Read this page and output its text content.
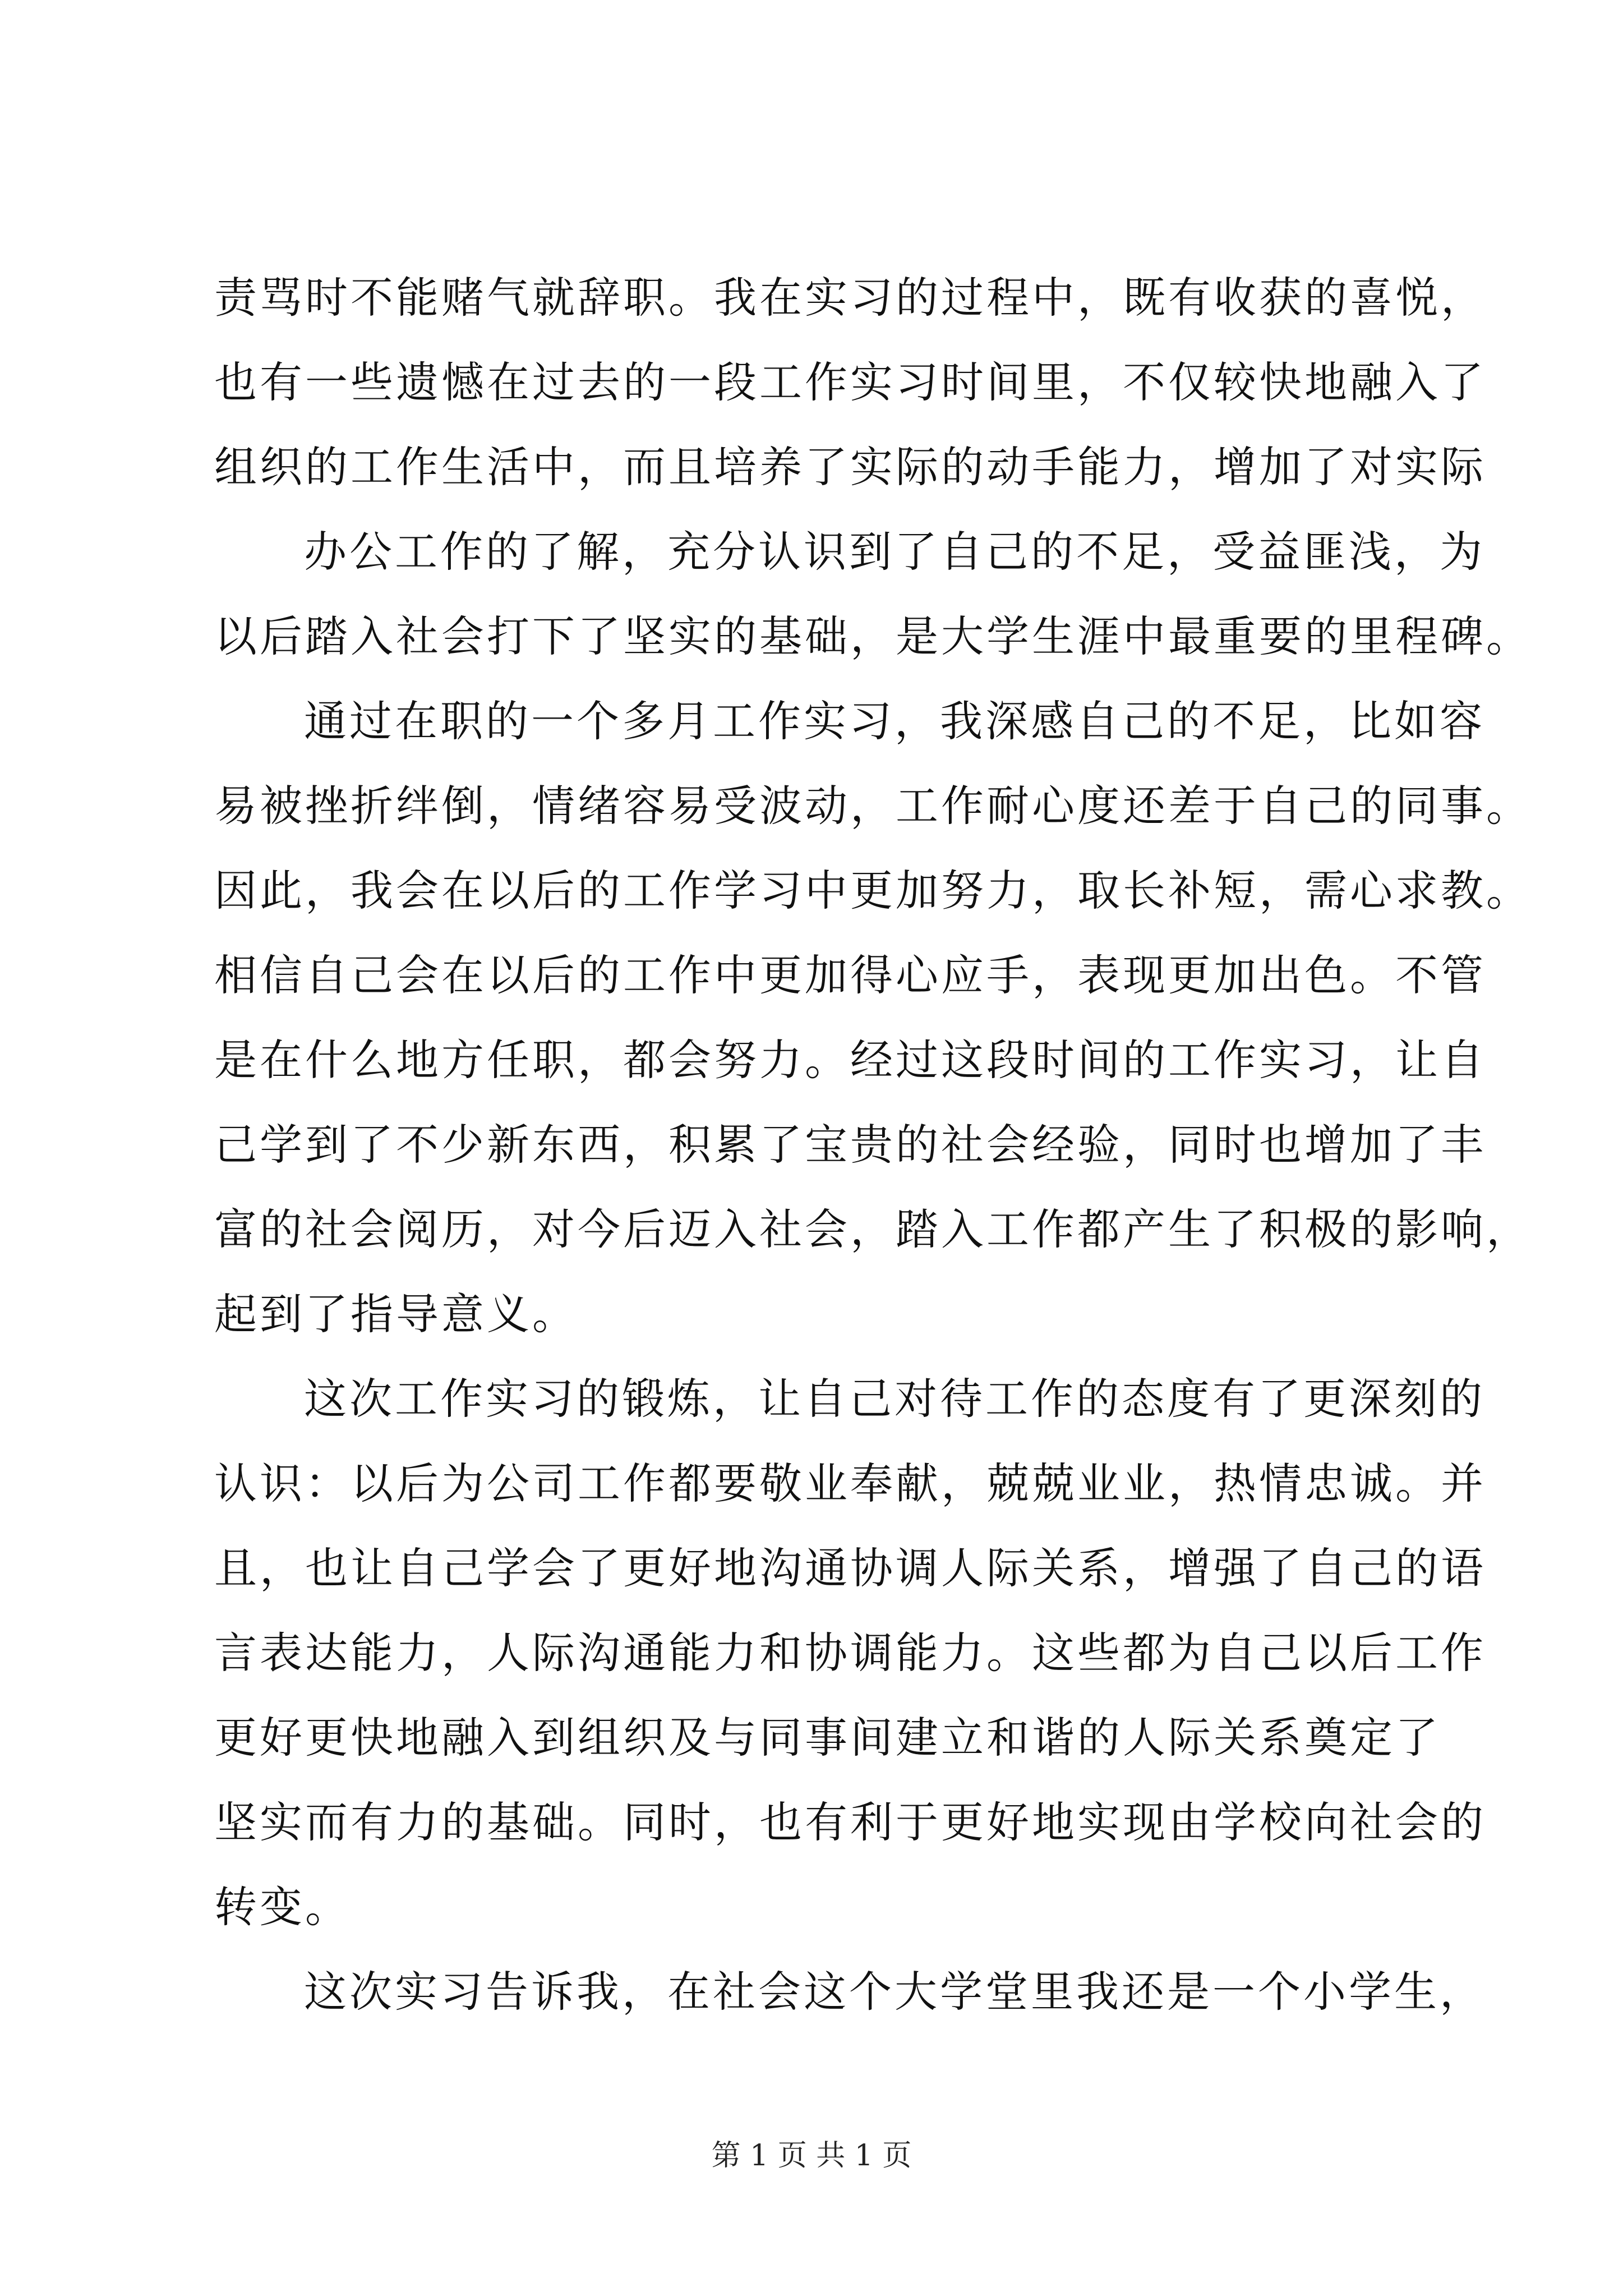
责骂时不能赌气就辞职。我在实习的过程中，既有收获的喜悦，
也有一些遗憾在过去的一段工作实习时间里，不仅较快地融入了
组织的工作生活中，而且培养了实际的动手能力，增加了对实际
办公工作的了解，充分认识到了自己的不足，受益匪浅，为
以后踏入社会打下了坚实的基础，是大学生涯中最重要的里程碑。
通过在职的一个多月工作实习，我深感自己的不足，比如容
易被挫折绊倒，情绪容易受波动，工作耐心度还差于自己的同事。
因此，我会在以后的工作学习中更加努力，取长补短，需心求教。
相信自己会在以后的工作中更加得心应手，表现更加出色。不管
是在什么地方任职，都会努力。经过这段时间的工作实习，让自
己学到了不少新东西，积累了宝贵的社会经验，同时也增加了丰
富的社会阅历，对今后迈入社会，踏入工作都产生了积极的影响，
起到了指导意义。
这次工作实习的锻炼，让自己对待工作的态度有了更深刻的
认识：以后为公司工作都要敬业奉献，兢兢业业，热情忠诚。并
且，也让自己学会了更好地沟通协调人际关系，增强了自己的语
言表达能力，人际沟通能力和协调能力。这些都为自己以后工作
更好更快地融入到组织及与同事间建立和谐的人际关系奠定了
坚实而有力的基础。同时，也有利于更好地实现由学校向社会的
转变。
这次实习告诉我，在社会这个大学堂里我还是一个小学生，
第 1 页 共 1 页
